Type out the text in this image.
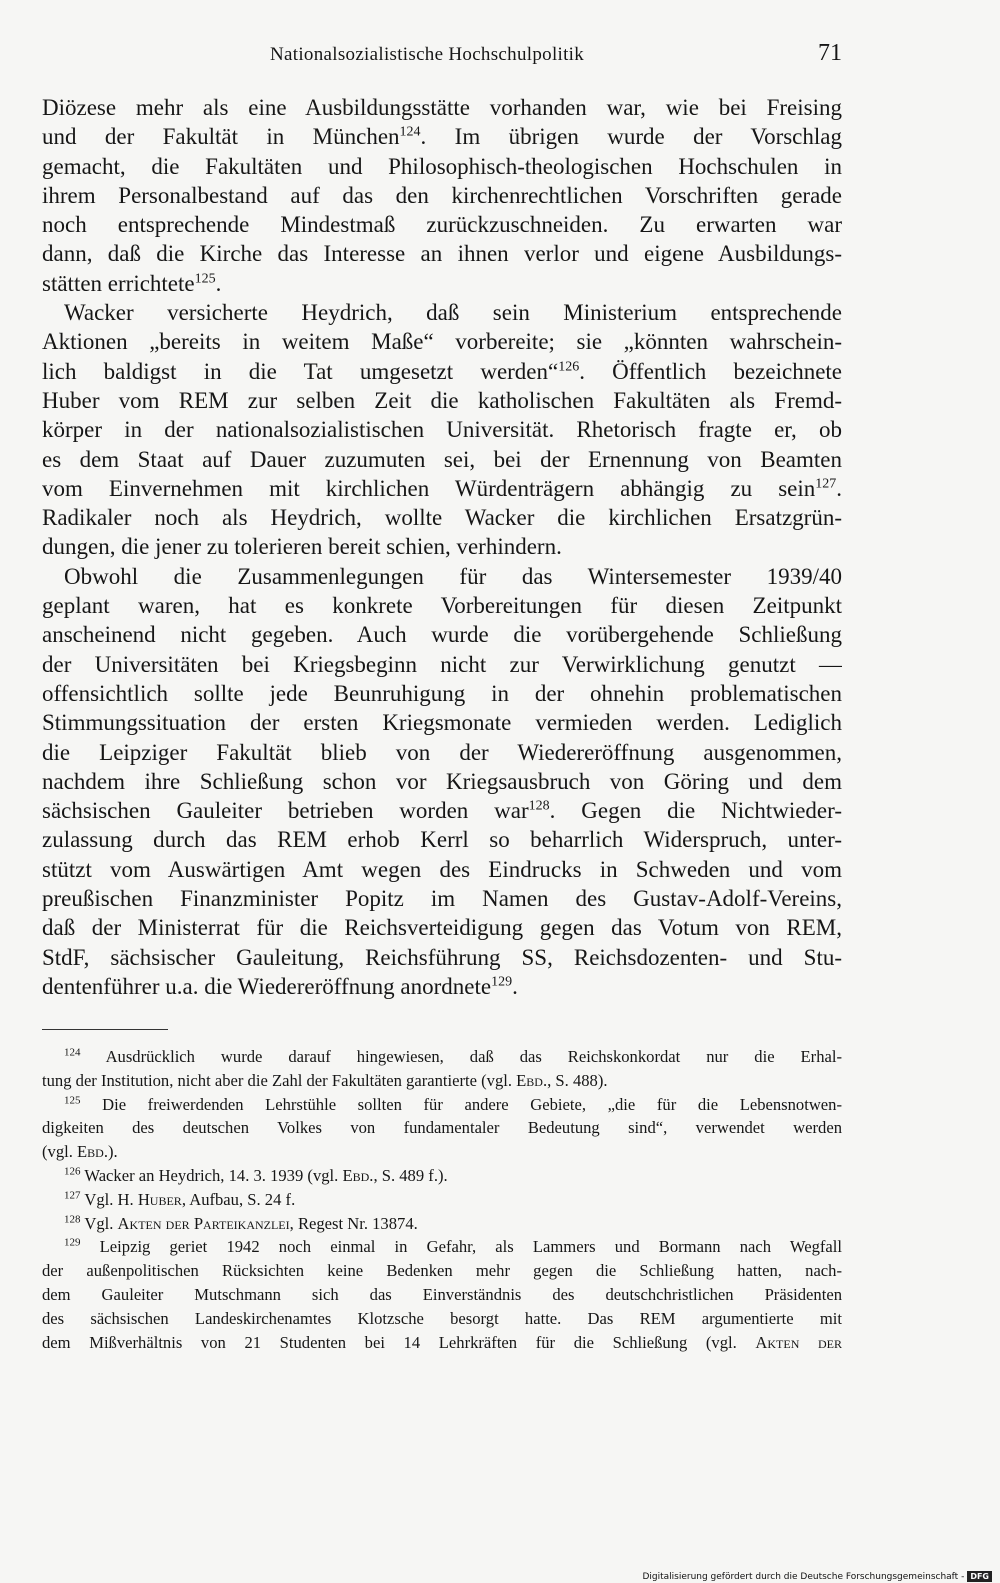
Nationalsozialistische Hochschulpolitik	71
Diözese mehr als eine Ausbildungsstätte vorhanden war, wie bei Freising
und der Fakultät in München$^{124}$. Im übrigen wurde der Vorschlag
gemacht, die Fakultäten und Philosophisch-theologischen Hochschulen in
ihrem Personalbestand auf das den kirchenrechtlichen Vorschriften gerade
noch entsprechende Mindestmaß zurückzuschneiden. Zu erwarten war
dann, daß die Kirche das Interesse an ihnen verlor und eigene Ausbildungs-
stätten errichtete$^{125}$.
Wacker versicherte Heydrich, daß sein Ministerium entsprechende
Aktionen „bereits in weitem Maße“ vorbereite; sie „könnten wahrschein-
lich baldigst in die Tat umgesetzt werden“$^{126}$. Öffentlich bezeichnete
Huber vom REM zur selben Zeit die katholischen Fakultäten als Fremd-
körper in der nationalsozialistischen Universität. Rhetorisch fragte er, ob
es dem Staat auf Dauer zuzumuten sei, bei der Ernennung von Beamten
vom Einvernehmen mit kirchlichen Würdenträgern abhängig zu sein$^{127}$.
Radikaler noch als Heydrich, wollte Wacker die kirchlichen Ersatzgrün-
dungen, die jener zu tolerieren bereit schien, verhindern.
Obwohl die Zusammenlegungen für das Wintersemester 1939/40
geplant waren, hat es konkrete Vorbereitungen für diesen Zeitpunkt
anscheinend nicht gegeben. Auch wurde die vorübergehende Schließung
der Universitäten bei Kriegsbeginn nicht zur Verwirklichung genutzt —
offensichtlich sollte jede Beunruhigung in der ohnehin problematischen
Stimmungssituation der ersten Kriegsmonate vermieden werden. Lediglich
die Leipziger Fakultät blieb von der Wiedereröffnung ausgenommen,
nachdem ihre Schließung schon vor Kriegsausbruch von Göring und dem
sächsischen Gauleiter betrieben worden war$^{128}$. Gegen die Nichtwieder-
zulassung durch das REM erhob Kerrl so beharrlich Widerspruch, unter-
stützt vom Auswärtigen Amt wegen des Eindrucks in Schweden und vom
preußischen Finanzminister Popitz im Namen des Gustav-Adolf-Vereins,
daß der Ministerrat für die Reichsverteidigung gegen das Votum von REM,
StdF, sächsischer Gauleitung, Reichsführung SS, Reichsdozenten- und Stu-
dentenführer u.a. die Wiedereröffnung anordnete$^{129}$.
$^{124}$ Ausdrücklich wurde darauf hingewiesen, daß das Reichskonkordat nur die Erhal-
tung der Institution, nicht aber die Zahl der Fakultäten garantierte (vgl. Ebd., S. 488).
$^{125}$ Die freiwerdenden Lehrstühle sollten für andere Gebiete, „die für die Lebensnotwen-
digkeiten des deutschen Volkes von fundamentaler Bedeutung sind“, verwendet werden
(vgl. Ebd.).
$^{126}$ Wacker an Heydrich, 14. 3. 1939 (vgl. Ebd., S. 489 f.).
$^{127}$ Vgl. H. Huber, Aufbau, S. 24 f.
$^{128}$ Vgl. Akten der Parteikanzlei, Regest Nr. 13874.
$^{129}$ Leipzig geriet 1942 noch einmal in Gefahr, als Lammers und Bormann nach Wegfall
der außenpolitischen Rücksichten keine Bedenken mehr gegen die Schließung hatten, nach-
dem Gauleiter Mutschmann sich das Einverständnis des deutschchristlichen Präsidenten
des sächsischen Landeskirchenamtes Klotzsche besorgt hatte. Das REM argumentierte mit
dem Mißverhältnis von 21 Studenten bei 14 Lehrkräften für die Schließung (vgl. Akten der
Digitalisierung gefördert durch die Deutsche Forschungsgemeinschaft - DFG
